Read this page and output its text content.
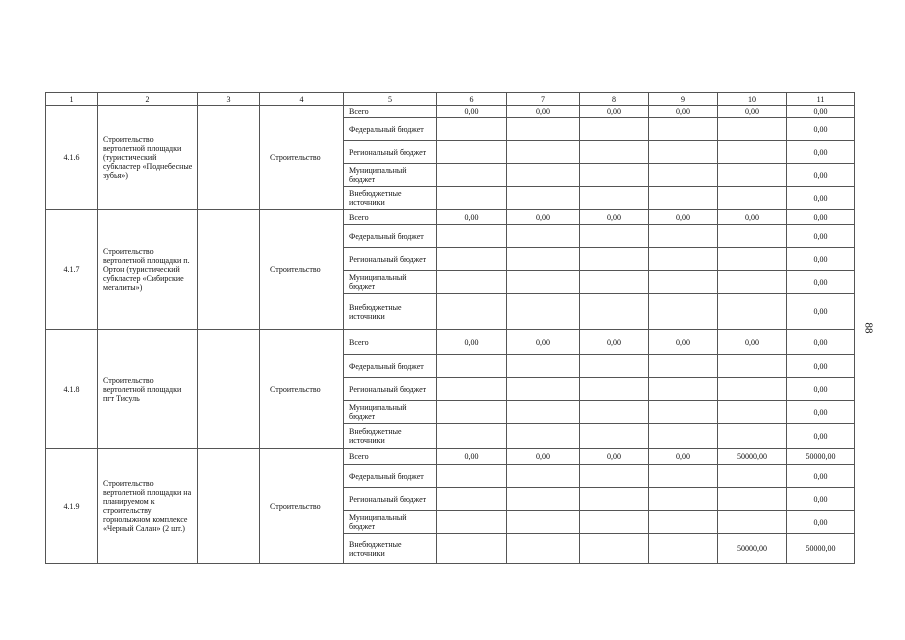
1	2	3	4	5	6	7	8	9	10	11
4.1.6	Строительство вертолетной площадки (туристический субкластер «Поднебесные зубья»)		Строительство	Всего	0,00	0,00	0,00	0,00	0,00	0,00
				Федеральный бюджет						0,00
				Региональный бюджет						0,00
				Муниципальный бюджет						0,00
				Внебюджетные источники						0,00
4.1.7	Строительство вертолетной площадки п. Ортон (туристический субкластер «Сибирские мегалиты»)		Строительство	Всего	0,00	0,00	0,00	0,00	0,00	0,00
				Федеральный бюджет						0,00
				Региональный бюджет						0,00
				Муниципальный бюджет						0,00
				Внебюджетные источники						0,00
4.1.8	Строительство вертолетной площадки пгт Тисуль		Строительство	Всего	0,00	0,00	0,00	0,00	0,00	0,00
				Федеральный бюджет						0,00
				Региональный бюджет						0,00
				Муниципальный бюджет						0,00
				Внебюджетные источники						0,00
4.1.9	Строительство вертолетной площадки на планируемом к строительству горнолыжном комплексе «Черный Салан» (2 шт.)		Строительство	Всего	0,00	0,00	0,00	0,00	50000,00	50000,00
				Федеральный бюджет						0,00
				Региональный бюджет						0,00
				Муниципальный бюджет						0,00
				Внебюджетные источники					50000,00	50000,00
88
